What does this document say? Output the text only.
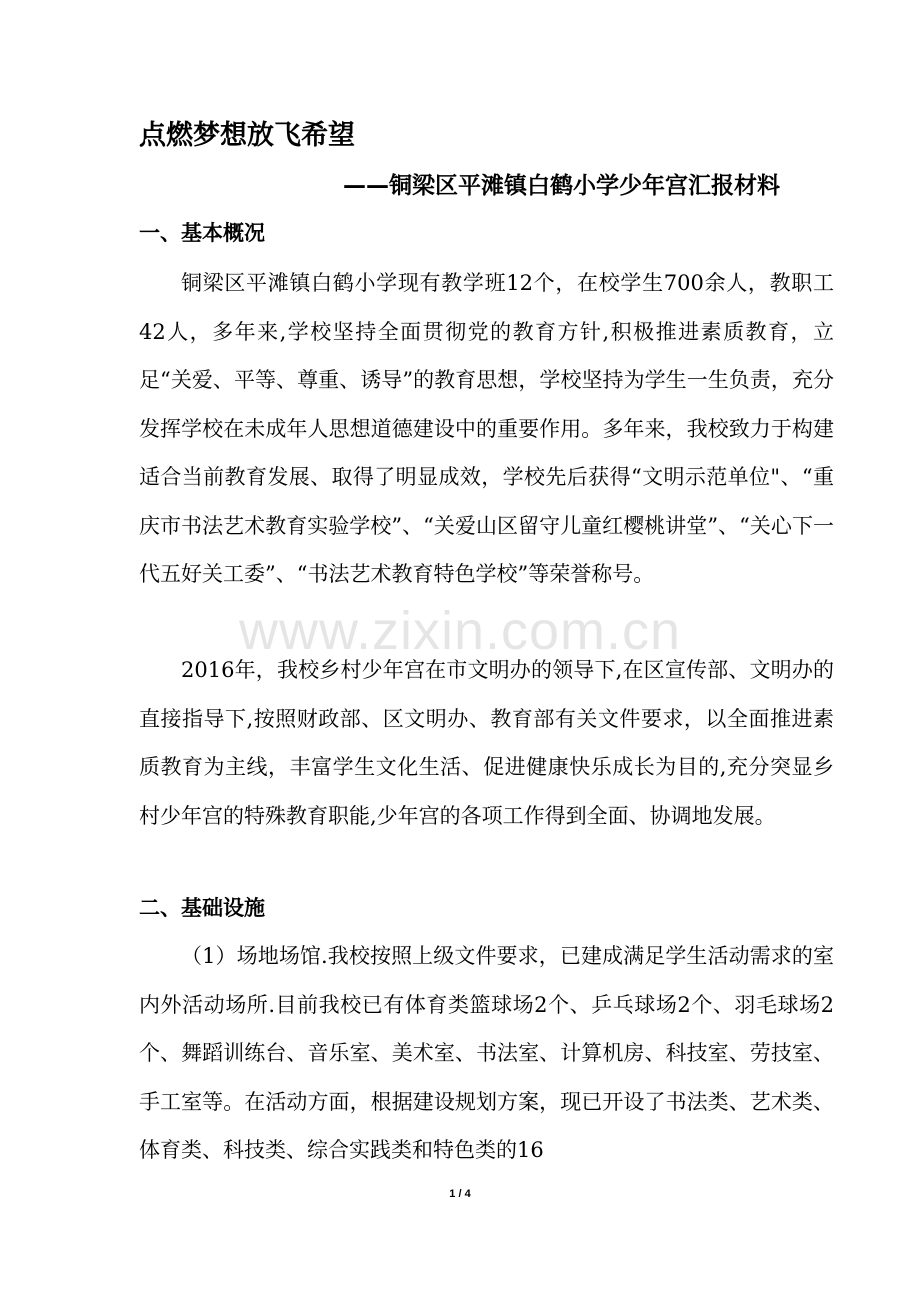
点燃梦想放飞希望
——铜梁区平滩镇白鹤小学少年宫汇报材料
一、基本概况

铜梁区平滩镇白鹤小学现有教学班12个，在校学生700余人，教职工42人，多年来,学校坚持全面贯彻党的教育方针,积极推进素质教育，立足“关爱、平等、尊重、诱导”的教育思想，学校坚持为学生一生负责，充分发挥学校在未成年人思想道德建设中的重要作用。多年来，我校致力于构建适合当前教育发展、取得了明显成效，学校先后获得“文明示范单位"、“重庆市书法艺术教育实验学校”、“关爱山区留守儿童红樱桃讲堂”、“关心下一代五好关工委”、“书法艺术教育特色学校”等荣誉称号。

2016年，我校乡村少年宫在市文明办的领导下,在区宣传部、文明办的直接指导下,按照财政部、区文明办、教育部有关文件要求，以全面推进素质教育为主线，丰富学生文化生活、促进健康快乐成长为目的,充分突显乡村少年宫的特殊教育职能,少年宫的各项工作得到全面、协调地发展。

二、基础设施

（1）场地场馆.我校按照上级文件要求，已建成满足学生活动需求的室内外活动场所.目前我校已有体育类篮球场2个、乒乓球场2个、羽毛球场2个、舞蹈训练台、音乐室、美术室、书法室、计算机房、科技室、劳技室、手工室等。在活动方面，根据建设规划方案，现已开设了书法类、艺术类、体育类、科技类、综合实践类和特色类的16

www.zixin.com.cn
1 / 4
